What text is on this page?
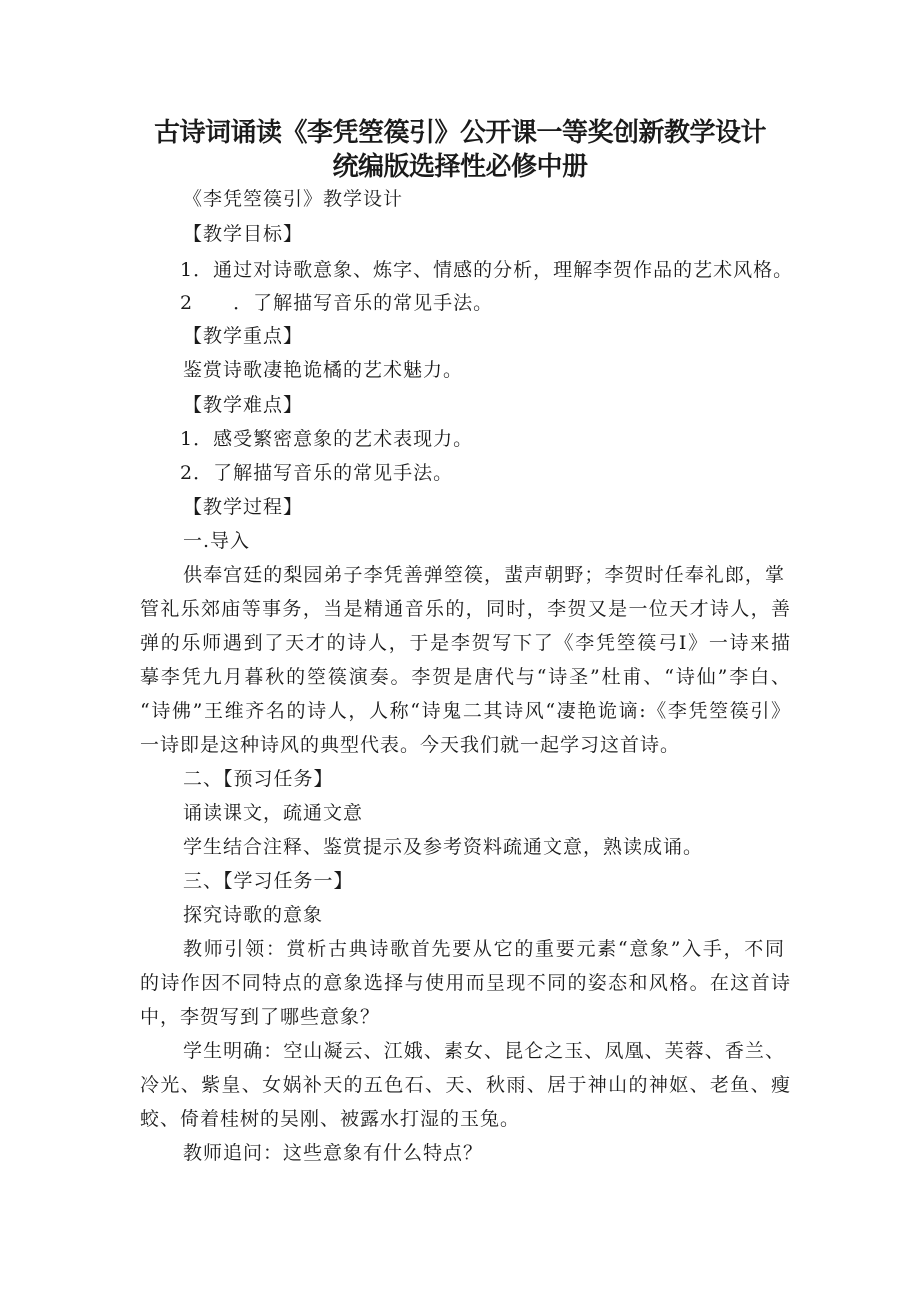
古诗词诵读《李凭箜篌引》公开课一等奖创新教学设计
统编版选择性必修中册
《李凭箜篌引》教学设计
【教学目标】
1．通过对诗歌意象、炼字、情感的分析，理解李贺作品的艺术风格。
2　　．了解描写音乐的常见手法。
【教学重点】
鉴赏诗歌凄艳诡橘的艺术魅力。
【教学难点】
1．感受繁密意象的艺术表现力。
2．了解描写音乐的常见手法。
【教学过程】
一.导入
供奉宫廷的梨园弟子李凭善弹箜篌，蜚声朝野；李贺时任奉礼郎，掌
管礼乐郊庙等事务，当是精通音乐的，同时，李贺又是一位天才诗人，善
弹的乐师遇到了天才的诗人，于是李贺写下了《李凭箜篌弓I》一诗来描
摹李凭九月暮秋的箜篌演奏。李贺是唐代与“诗圣”杜甫、“诗仙”李白、
“诗佛”王维齐名的诗人，人称“诗鬼二其诗风“凄艳诡谪:《李凭箜篌引》
一诗即是这种诗风的典型代表。今天我们就一起学习这首诗。
二、【预习任务】
诵读课文，疏通文意
学生结合注释、鉴赏提示及参考资料疏通文意，熟读成诵。
三、【学习任务一】
探究诗歌的意象
教师引领：赏析古典诗歌首先要从它的重要元素“意象”入手，不同
的诗作因不同特点的意象选择与使用而呈现不同的姿态和风格。在这首诗
中，李贺写到了哪些意象？
学生明确：空山凝云、江娥、素女、昆仑之玉、凤凰、芙蓉、香兰、
冷光、紫皇、女娲补天的五色石、天、秋雨、居于神山的神妪、老鱼、瘦
蛟、倚着桂树的吴刚、被露水打湿的玉兔。
教师追问：这些意象有什么特点？
